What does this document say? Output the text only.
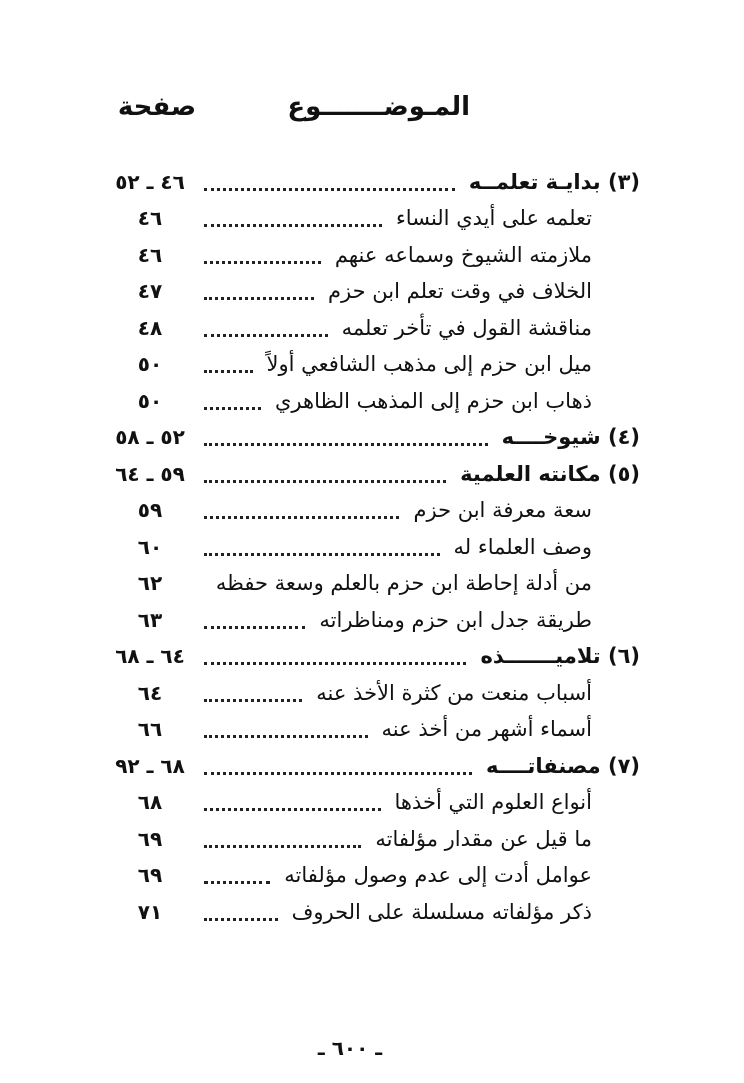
المـوضـــــــوع
صفحة
(٣) بدايـة تعلمــه
٤٦ ـ ٥٢
تعلمه على أيدي النساء
٤٦
ملازمته الشيوخ وسماعه عنهم
٤٦
الخلاف في وقت تعلم ابن حزم
٤٧
مناقشة القول في تأخر تعلمه
٤٨
ميل ابن حزم إلى مذهب الشافعي أولاً
٥٠
ذهاب ابن حزم إلى المذهب الظاهري
٥٠
(٤) شيوخــــه
٥٢ ـ ٥٨
(٥) مكانته العلمية
٥٩ ـ ٦٤
سعة معرفة ابن حزم
٥٩
وصف العلماء له
٦٠
من أدلة إحاطة ابن حزم بالعلم وسعة حفظه
٦٢
طريقة جدل ابن حزم ومناظراته
٦٣
(٦) تلاميـــــــذه
٦٤ ـ ٦٨
أسباب منعت من كثرة الأخذ عنه
٦٤
أسماء أشهر من أخذ عنه
٦٦
(٧) مصنفاتــــه
٦٨ ـ ٩٢
أنواع العلوم التي أخذها
٦٨
ما قيل عن مقدار مؤلفاته
٦٩
عوامل أدت إلى عدم وصول مؤلفاته
٦٩
ذكر مؤلفاته مسلسلة على الحروف
٧١
ـ ٦٠٠ ـ
